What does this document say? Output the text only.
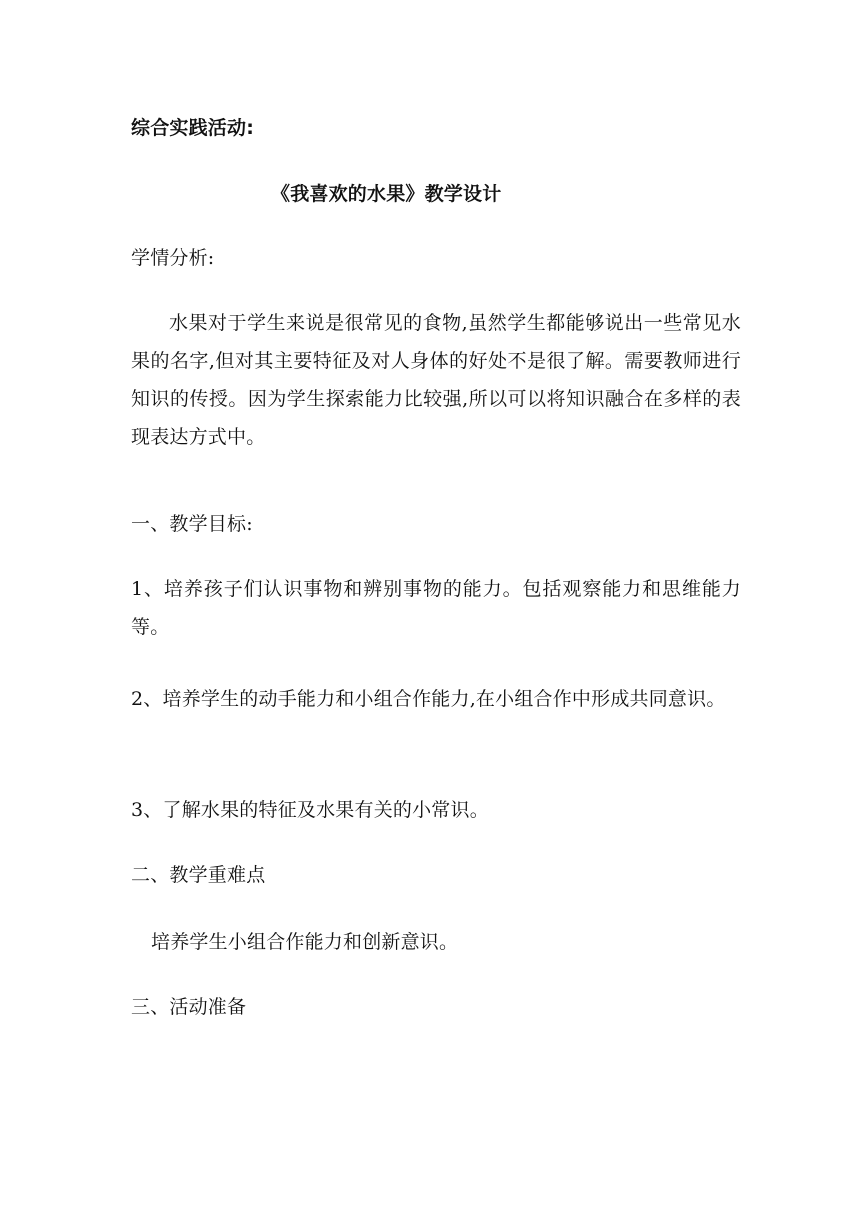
综合实践活动:
《我喜欢的水果》教学设计
学情分析:
水果对于学生来说是很常见的食物,虽然学生都能够说出一些常见水果的名字,但对其主要特征及对人身体的好处不是很了解。需要教师进行知识的传授。因为学生探索能力比较强,所以可以将知识融合在多样的表现表达方式中。
一、教学目标:
1、培养孩子们认识事物和辨别事物的能力。包括观察能力和思维能力等。
2、培养学生的动手能力和小组合作能力,在小组合作中形成共同意识。
3、了解水果的特征及水果有关的小常识。
二、教学重难点
培养学生小组合作能力和创新意识。
三、活动准备
